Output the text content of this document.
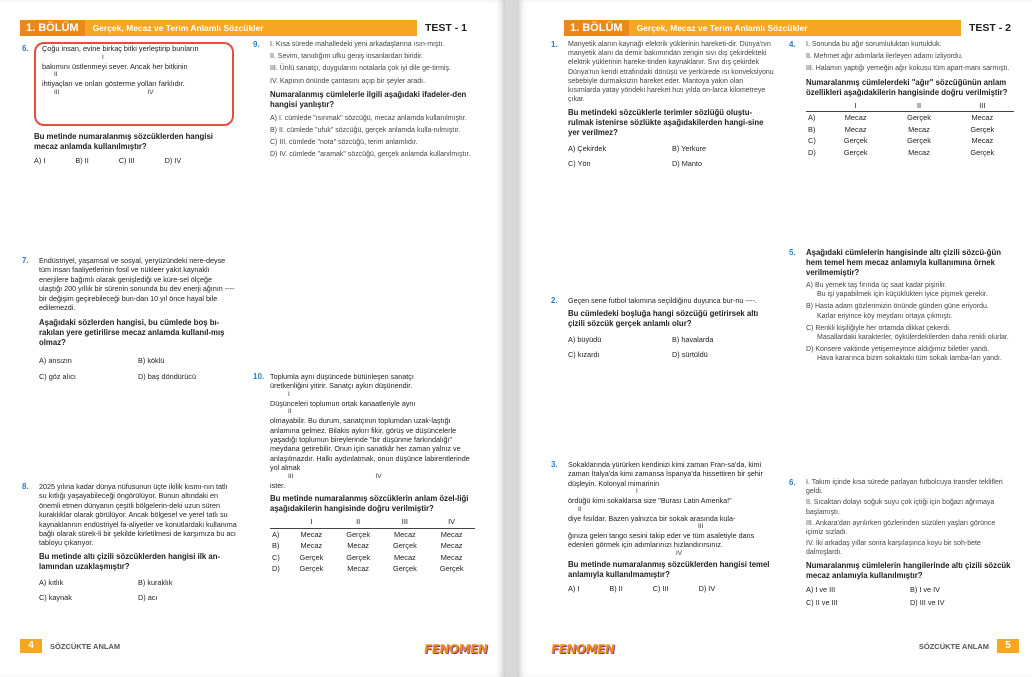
1. BÖLÜM	Gerçek, Mecaz ve Terim Anlamlı Sözcükler	TEST - 1
6. Çoğu insan, evine birkaç bitki yerleştirip bunların

I

bakımını üstlenmeyi sever. Ancak her bitkinin

II

ihtiyaçları ve onları gösterme yolları farklıdır.

III	IV

Bu metinde numaralanmış sözcüklerden hangisi mecaz anlamda kullanılmıştır?

A) I	B) II	C) III	D) IV
7. Endüstriyel, yaşamsal ve sosyal, yeryüzündeki nere-deyse tüm insan faaliyetlerinin fosil ve nükleer yakıt kaynaklı enerjilere bağımlı olarak genişlediği ve küre-sel ölçeğe ulaştığı 200 yıllık bir sürenin sonunda bu dev enerji ağının ---- bir değişim geçirebileceği bun-dan 10 yıl önce hayal bile edilemezdi.

Aşağıdaki sözlerden hangisi, bu cümlede boş bı-rakılan yere getirilirse mecaz anlamda kullanıl-mış olmaz?

A) ansızın	B) köklü
C) göz alıcı	D) baş döndürücü
8. 2025 yılına kadar dünya nüfusunun üçte ikilik kısmı-nın tatlı su kıtlığı yaşayabileceği öngörülüyor. Bunun altındaki en önemli etmen dünyanın çeşitli bölgelerin-deki uzun süren kuraklıklar olarak görülüyor. Ancak bölgesel ve yerel tatlı su kaynaklarının endüstriyel fa-aliyetler ve konutlardaki kullanıma bağlı olarak sürek-li bir şekilde kirletilmesi de karşımıza bu acı tabloyu çıkarıyor.

Bu metinde altı çizili sözcüklerden hangisi ilk an-lamından uzaklaşmıştır?

A) kıtlık	B) kuraklık
C) kaynak	D) acı
9. I. Kısa sürede mahalledeki yeni arkadaşlarına ısın-mıştı.

II. Sevim, tanıdığım ufku geniş insanlardan biridir.

III. Ünlü sanatçı, duygularını notalarla çok iyi dile ge-tirmiş.

IV. Kapının önünde çantasını açıp bir şeyler aradı.

Numaralanmış cümlelerle ilgili aşağıdaki ifadeler-den hangisi yanlıştır?

A) I. cümlede "ısınmak" sözcüğü, mecaz anlamda kullanılmıştır.

B) II. cümlede "ufuk" sözcüğü, gerçek anlamda kulla-nılmıştır.

C) III. cümlede "nota" sözcüğü, terim anlamlıdır.

D) IV. cümlede "aramak" sözcüğü, gerçek anlamda kullanılmıştır.

10. Toplumla aynı düşüncede bütünleşen sanatçı

üretkenliğini yitirir. Sanatçı aykırı düşünendir.

I

Düşünceleri toplumun ortak kanaatleriyle aynı

II

olmayabilir. Bu durum, sanatçının toplumdan uzak-laştığı anlamına gelmez. Bilakis aykırı fikir, görüş ve düşüncelerle yaşadığı toplumun bireylerinde "bir düşünme farkındalığı" meydana getirebilir. Onun için sanatkâr her zaman yalnız ve anlaşılmazdır. Halkı aydınlatmak, onun düşünce labirentlerinde yol almak

III	IV

ister.

Bu metinde numaralanmış sözcüklerin anlam özel-liği aşağıdakilerin hangisinde doğru verilmiştir?

	I	II	III	IV
A)	Mecaz	Gerçek	Mecaz	Mecaz
B)	Mecaz	Mecaz	Gerçek	Mecaz
C)	Gerçek	Gerçek	Mecaz	Mecaz
D)	Gerçek	Mecaz	Gerçek	Gerçek
4	SÖZCÜKTE ANLAM	FENOMEN
1. BÖLÜM	Gerçek, Mecaz ve Terim Anlamlı Sözcükler	TEST - 2
1. Manyetik alanın kaynağı elektrik yüklerinin hareketi-dir. Dünya'nın manyetik alanı da demir bakımından zengin sıvı dış çekirdekteki elektrik yüklerinin hareke-tinden kaynaklanır. Sıvı dış çekirdek Dünya'nın kendi etrafındaki dönüşü ve yerkürede ısı konveksiyonu sebebiyle durmaksızın hareket eder. Mantoya yakın olan kısımlarda yatay yöndeki hareket hızı yılda on-larca kilometreye çıkar.

Bu metindeki sözcüklerle terimler sözlüğü oluştu-rulmak istenirse sözlükte aşağıdakilerden hangi-sine yer verilmez?

A) Çekirdek	B) Yerkure
C) Yön	D) Manto
2. Geçen sene futbol takımına seçildiğinu duyunca bur-nu ----.

Bu cümledeki boşluğa hangi sözcüğü getirirsek altı çizili sözcük gerçek anlamlı olur?

A) büyüdü	B) havalarda
C) kızardı	D) sürtüldü
3. Sokaklarında yürürken kendinizi kimi zaman Fran-sa'da, kimi zaman İtalya'da kimi zamansa İspanya'da hissettiren bir şehir düşleyin. Kolonyal mimarinin

I

ördüğü kimi sokaklarsa size "Burası Latin Amerika!"

II

diye fısıldar. Bazen yalnızca bir sokak arasında kula-

III

ğınıza gelen tango sesini takip eder ve tüm asaletiyle dans edenleri görmek için adımlarınızı hızlandırırsınız.

IV

Bu metinde numaralanmış sözcüklerden hangisi temel anlamıyla kullanılmamıştır?

A) I	B) II	C) III	D) IV
4. I. Sonunda bu ağır sorumluluktan kurtulduk.

II. Mehmet ağır adımlarla ilerleyen adamı izliyordu.

III. Halamın yaptığı yemeğin ağır kokusu tüm apart-manı sarmıştı.

Numaralanmış cümlelerdeki "ağır" sözcüğünün anlam özellikleri aşağıdakilerin hangisinde doğru verilmiştir?

	I	II	III
A)	Mecaz	Gerçek	Mecaz
B)	Mecaz	Mecaz	Gerçek
C)	Gerçek	Gerçek	Mecaz
D)	Gerçek	Mecaz	Gerçek
5. Aşağıdaki cümlelerin hangisinde altı çizili sözcü-ğün hem temel hem mecaz anlamıyla kullanımına örnek verilmemiştir?

A) Bu yemek taş fırında üç saat kadar pişirilir.

Bu işi yapabilmek için küçüklükten iyice pişmek gerekir.

B) Hasta adam gözlerimizin önünde günden güne eriyordu.

Karlar eriyince köy meydanı ortaya çıkmıştı.

C) Renkli kişiliğiyle her ortamda dikkat çekerdi.

Masallardaki karakterler, öykülerdekilerden daha renkli olurlar.

D) Konsere vaktinde yetişemeyince aldığımız biletler yandı.

Hava kararınca bizim sokaktaki tüm sokak lamba-ları yandı.

6. I. Takım içinde kısa sürede parlayan futbolcuya transfer teklifleri geldi.

II. Sıcaktan dolayı soğuk suyu çok içtiği için boğazı ağrımaya başlamıştı.

III. Ankara'dan ayrılırken gözlerinden süzülen yaşları görünce içimiz sızladı.

IV. İki arkadaş yıllar sonra karşılaşınca koyu bir soh-bete dalmışlardı.

Numaralanmış cümlelerin hangilerinde altı çizili sözcük mecaz anlamıyla kullanılmıştır?

A) I ve III	B) I ve IV
C) II ve III	D) III ve IV
FENOMEN	SÖZCÜKTE ANLAM	5
